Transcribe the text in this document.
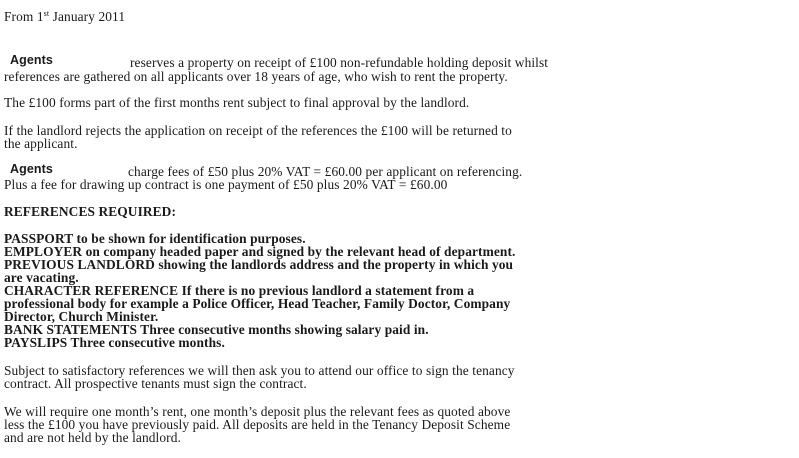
From 1st January 2011
Agents	reserves a property on receipt of £100 non-refundable holding deposit whilst
references are gathered on all applicants over 18 years of age, who wish to rent the property.
The £100 forms part of the first months rent subject to final approval by the landlord.
If the landlord rejects the application on receipt of the references the £100 will be returned to
the applicant.
Agents	charge fees of £50 plus 20% VAT = £60.00 per applicant on referencing.
Plus a fee for drawing up contract is one payment of £50 plus 20% VAT = £60.00
REFERENCES REQUIRED:
PASSPORT to be shown for identification purposes.
EMPLOYER on company headed paper and signed by the relevant head of department.
PREVIOUS LANDLORD showing the landlords address and the property in which you
are vacating.
CHARACTER REFERENCE If there is no previous landlord a statement from a
professional body for example a Police Officer, Head Teacher, Family Doctor, Company
Director, Church Minister.
BANK STATEMENTS Three consecutive months showing salary paid in.
PAYSLIPS Three consecutive months.
Subject to satisfactory references we will then ask you to attend our office to sign the tenancy
contract. All prospective tenants must sign the contract.
We will require one month’s rent, one month’s deposit plus the relevant fees as quoted above
less the £100 you have previously paid. All deposits are held in the Tenancy Deposit Scheme
and are not held by the landlord.
